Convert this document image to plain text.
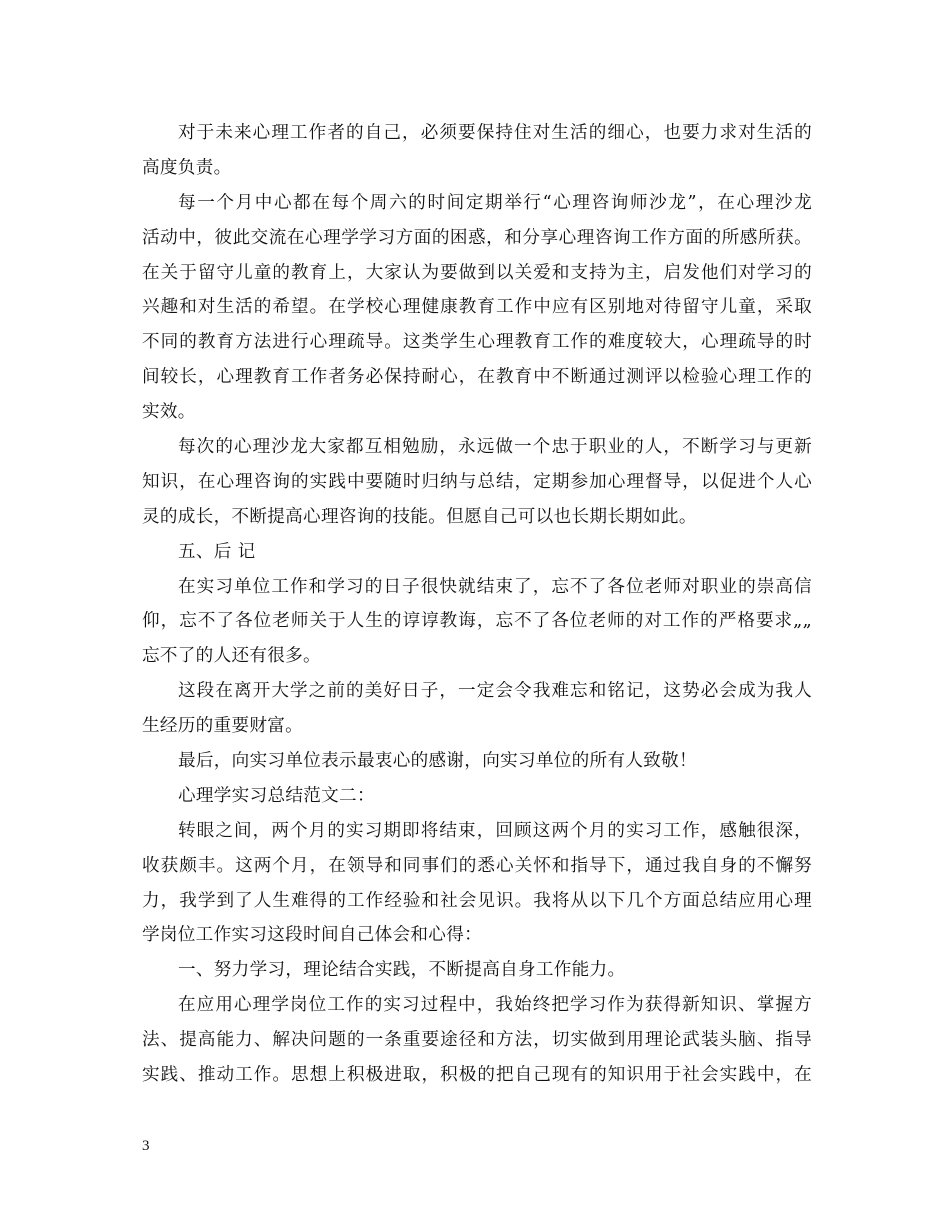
对于未来心理工作者的自己，必须要保持住对生活的细心，也要力求对生活的
高度负责。
每一个月中心都在每个周六的时间定期举行“心理咨询师沙龙”，在心理沙龙
活动中，彼此交流在心理学学习方面的困惑，和分享心理咨询工作方面的所感所获。
在关于留守儿童的教育上，大家认为要做到以关爱和支持为主，启发他们对学习的
兴趣和对生活的希望。在学校心理健康教育工作中应有区别地对待留守儿童，采取
不同的教育方法进行心理疏导。这类学生心理教育工作的难度较大，心理疏导的时
间较长，心理教育工作者务必保持耐心，在教育中不断通过测评以检验心理工作的
实效。
每次的心理沙龙大家都互相勉励，永远做一个忠于职业的人，不断学习与更新
知识，在心理咨询的实践中要随时归纳与总结，定期参加心理督导，以促进个人心
灵的成长，不断提高心理咨询的技能。但愿自己可以也长期长期如此。
五、后 记
在实习单位工作和学习的日子很快就结束了，忘不了各位老师对职业的崇高信
仰，忘不了各位老师关于人生的谆谆教诲，忘不了各位老师的对工作的严格要求„„
忘不了的人还有很多。
这段在离开大学之前的美好日子，一定会令我难忘和铭记，这势必会成为我人
生经历的重要财富。
最后，向实习单位表示最衷心的感谢，向实习单位的所有人致敬！
心理学实习总结范文二：
转眼之间，两个月的实习期即将结束，回顾这两个月的实习工作，感触很深，
收获颇丰。这两个月，在领导和同事们的悉心关怀和指导下，通过我自身的不懈努
力，我学到了人生难得的工作经验和社会见识。我将从以下几个方面总结应用心理
学岗位工作实习这段时间自己体会和心得：
一、努力学习，理论结合实践，不断提高自身工作能力。
在应用心理学岗位工作的实习过程中，我始终把学习作为获得新知识、掌握方
法、提高能力、解决问题的一条重要途径和方法，切实做到用理论武装头脑、指导
实践、推动工作。思想上积极进取，积极的把自己现有的知识用于社会实践中，在
3
